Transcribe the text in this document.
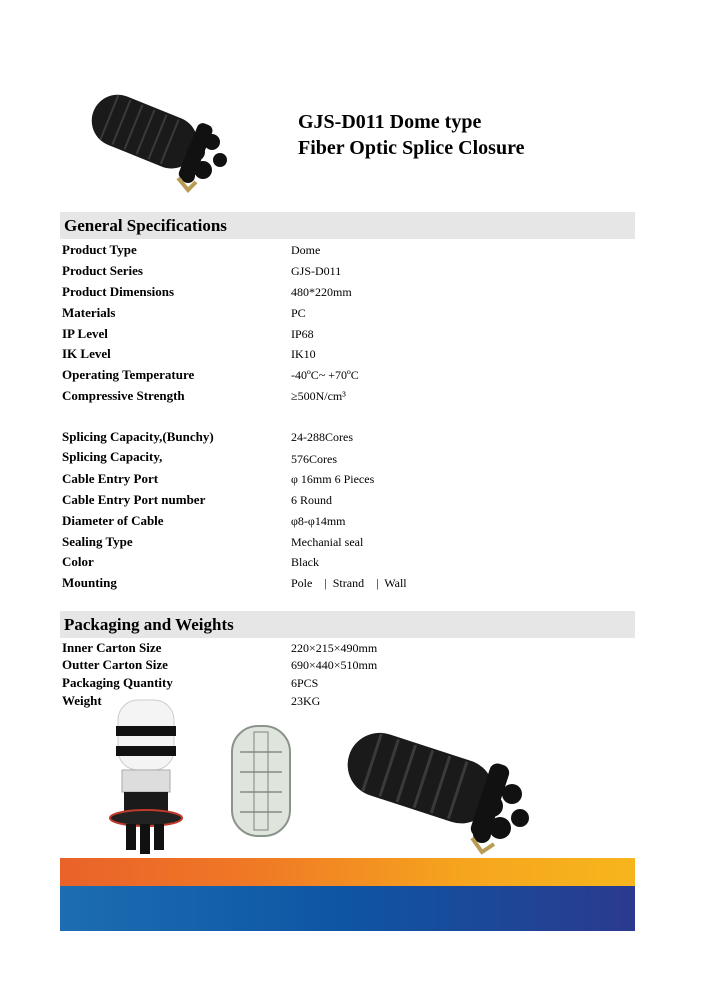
GJS-D011 Dome type
Fiber Optic Splice Closure
General Specifications
Product Type	Dome
Product Series	GJS-D011
Product Dimensions	480*220mm
Materials	PC
IP Level	IP68
IK Level	IK10
Operating Temperature	-40ºC~ +70ºC
Compressive Strength	≥500N/cm³
Splicing Capacity,(Bunchy)	24-288Cores
Splicing Capacity,	576Cores
Cable Entry Port	φ 16mm 6 Pieces
Cable Entry Port number	6 Round
Diameter of Cable	φ8-φ14mm
Sealing Type	Mechanial seal
Color	Black
Mounting	Pole    |  Strand    |  Wall
Packaging and Weights
Inner Carton Size	220×215×490mm
Outter Carton Size	690×440×510mm
Packaging Quantity	6PCS
Weight	23KG
